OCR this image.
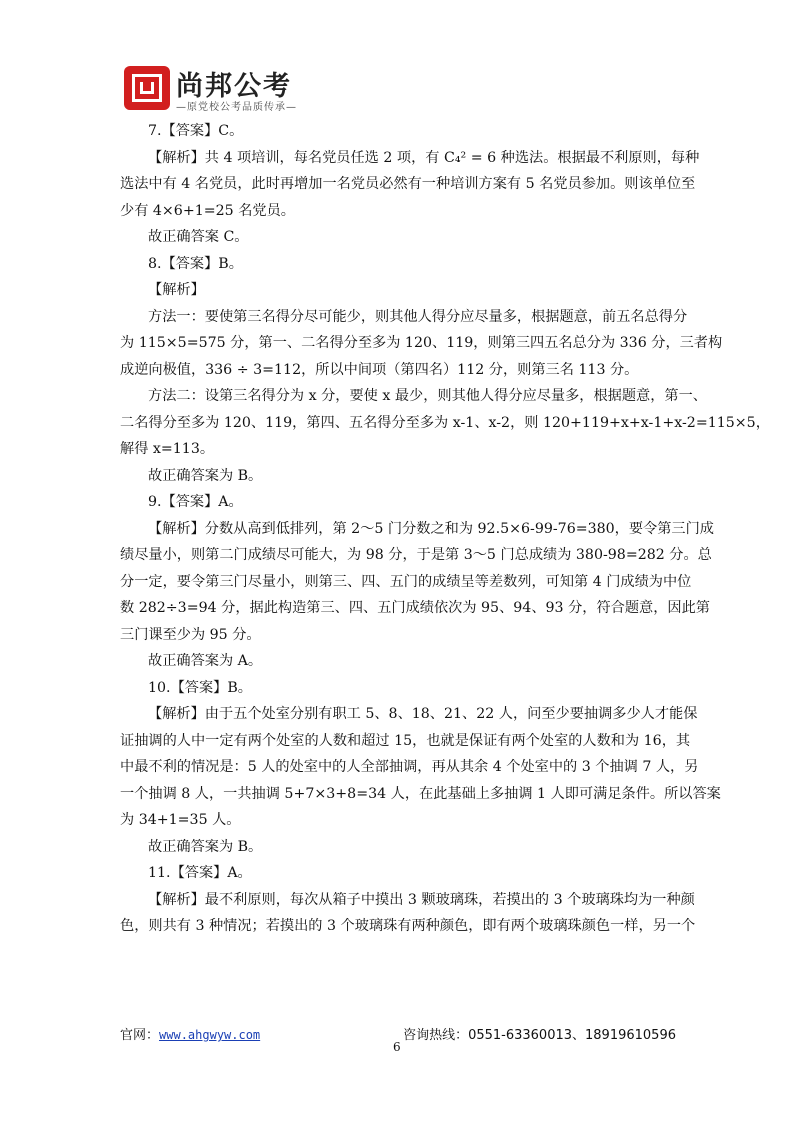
尚邦公考
—原党校公考品质传承—
7.【答案】C。
【解析】共 4 项培训，每名党员任选 2 项，有 C₄² = 6 种选法。根据最不利原则，每种
选法中有 4 名党员，此时再增加一名党员必然有一种培训方案有 5 名党员参加。则该单位至
少有 4×6+1=25 名党员。
故正确答案 C。
8.【答案】B。
【解析】
方法一：要使第三名得分尽可能少，则其他人得分应尽量多，根据题意，前五名总得分
为 115×5=575 分，第一、二名得分至多为 120、119，则第三四五名总分为 336 分，三者构
成逆向极值，336 ÷ 3=112，所以中间项（第四名）112 分，则第三名 113 分。
方法二：设第三名得分为 x 分，要使 x 最少，则其他人得分应尽量多，根据题意，第一、
二名得分至多为 120、119，第四、五名得分至多为 x-1、x-2，则 120+119+x+x-1+x-2=115×5，
解得 x=113。
故正确答案为 B。
9.【答案】A。
【解析】分数从高到低排列，第 2～5 门分数之和为 92.5×6-99-76=380，要令第三门成
绩尽量小，则第二门成绩尽可能大，为 98 分，于是第 3～5 门总成绩为 380-98=282 分。总
分一定，要令第三门尽量小，则第三、四、五门的成绩呈等差数列，可知第 4 门成绩为中位
数 282÷3=94 分，据此构造第三、四、五门成绩依次为 95、94、93 分，符合题意，因此第
三门课至少为 95 分。
故正确答案为 A。
10.【答案】B。
【解析】由于五个处室分别有职工 5、8、18、21、22 人，问至少要抽调多少人才能保
证抽调的人中一定有两个处室的人数和超过 15，也就是保证有两个处室的人数和为 16，其
中最不利的情况是：5 人的处室中的人全部抽调，再从其余 4 个处室中的 3 个抽调 7 人，另
一个抽调 8 人，一共抽调 5+7×3+8=34 人，在此基础上多抽调 1 人即可满足条件。所以答案
为 34+1=35 人。
故正确答案为 B。
11.【答案】A。
【解析】最不利原则，每次从箱子中摸出 3 颗玻璃珠，若摸出的 3 个玻璃珠均为一种颜
色，则共有 3 种情况；若摸出的 3 个玻璃珠有两种颜色，即有两个玻璃珠颜色一样，另一个
官网：www.ahgwyw.com	咨询热线：0551-63360013、18919610596
6
